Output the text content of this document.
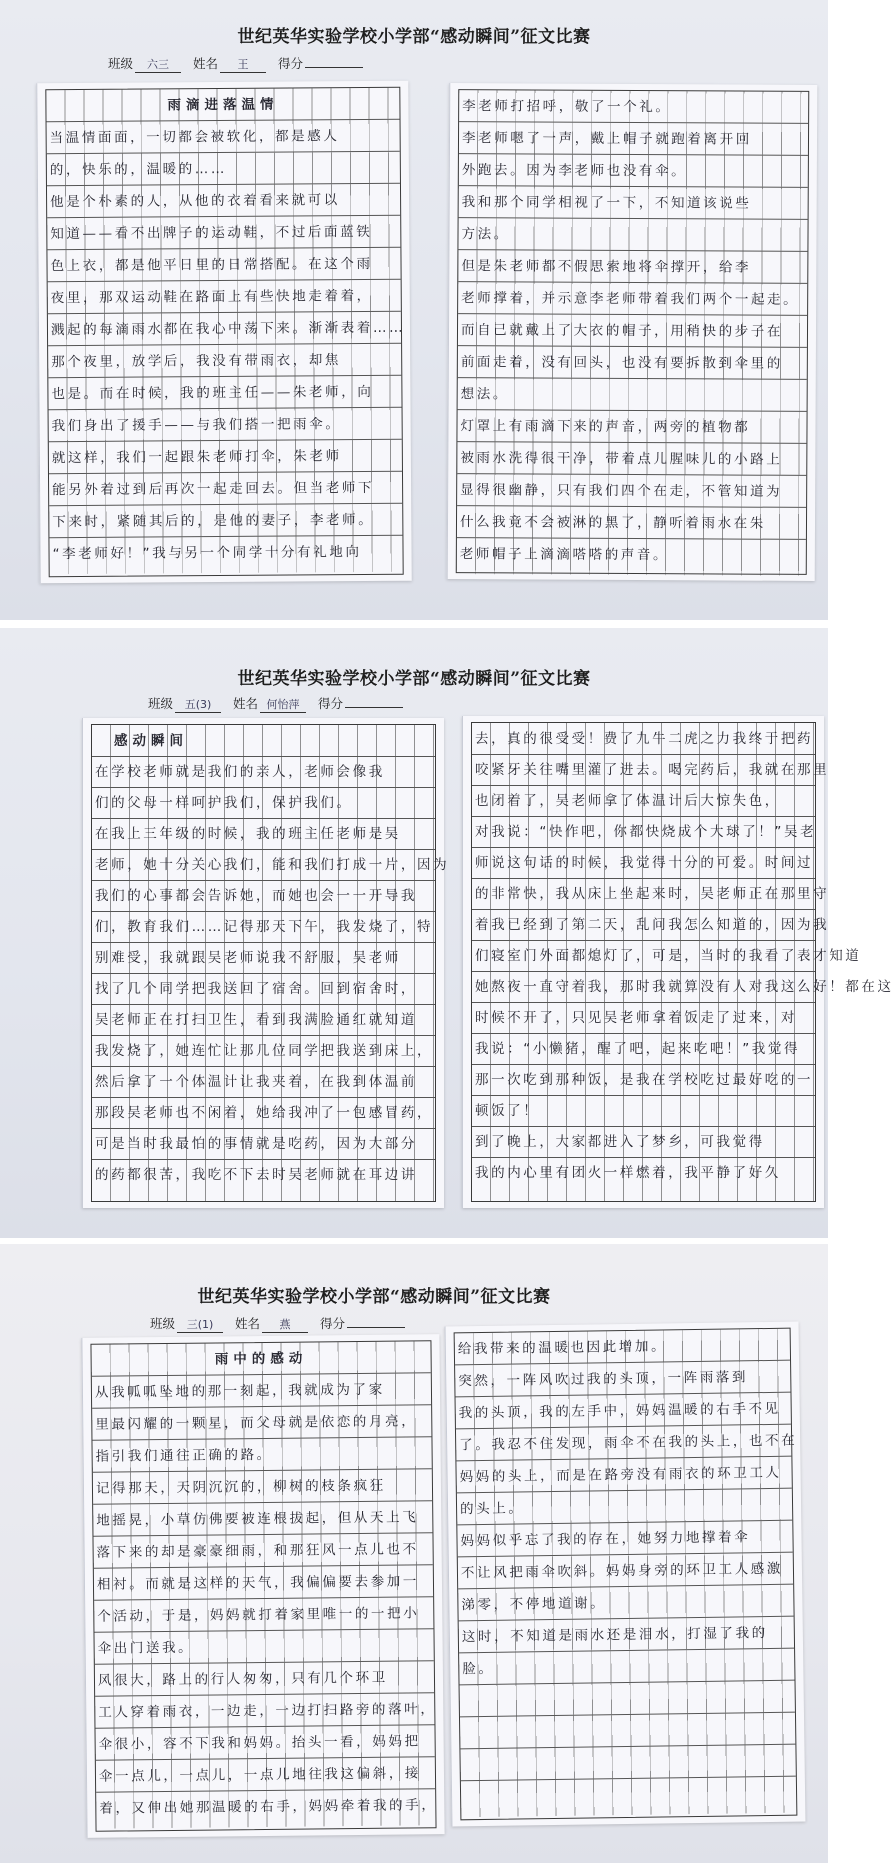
世纪英华实验学校小学部“感动瞬间”征文比赛
班级 六三 姓名 王 得分
雨滴进落温情
当温情面面，一切都会被软化，都是感人
的，快乐的，温暖的……
他是个朴素的人，从他的衣着看来就可以
知道——看不出牌子的运动鞋，不过后面蓝铁
色上衣，都是他平日里的日常搭配。在这个雨
夜里，那双运动鞋在路面上有些快地走着着，
溅起的每滴雨水都在我心中荡下来。渐渐表着……
那个夜里，放学后，我没有带雨衣，却焦
也是。而在时候，我的班主任——朱老师，向
我们身出了援手——与我们搭一把雨伞。
就这样，我们一起跟朱老师打伞，朱老师
能另外着过到后再次一起走回去。但当老师下
下来时，紧随其后的，是他的妻子，李老师。
“李老师好！”我与另一个同学十分有礼地向
李老师打招呼，敬了一个礼。
李老师嗯了一声，戴上帽子就跑着离开回
外跑去。因为李老师也没有伞。
我和那个同学相视了一下，不知道该说些
方法。
但是朱老师都不假思索地将伞撑开，给李
老师撑着，并示意李老师带着我们两个一起走。
而自己就戴上了大衣的帽子，用稍快的步子在
前面走着，没有回头，也没有要拆散到伞里的
想法。
灯罩上有雨滴下来的声音，两旁的植物都
被雨水洗得很干净，带着点儿腥味儿的小路上
显得很幽静，只有我们四个在走，不管知道为
什么我竟不会被淋的黑了，静听着雨水在朱
老师帽子上滴滴嗒嗒的声音。
世纪英华实验学校小学部“感动瞬间”征文比赛
班级 五(3) 姓名 何怡萍 得分
感动瞬间
在学校老师就是我们的亲人，老师会像我
们的父母一样呵护我们，保护我们。
在我上三年级的时候，我的班主任老师是吴
老师，她十分关心我们，能和我们打成一片，因为
我们的心事都会告诉她，而她也会一一开导我
们，教育我们……记得那天下午，我发烧了，特
别难受，我就跟吴老师说我不舒服，吴老师
找了几个同学把我送回了宿舍。回到宿舍时，
吴老师正在打扫卫生，看到我满脸通红就知道
我发烧了，她连忙让那几位同学把我送到床上，
然后拿了一个体温计让我夹着，在我到体温前
那段吴老师也不闲着，她给我冲了一包感冒药，
可是当时我最怕的事情就是吃药，因为大部分
的药都很苦，我吃不下去时吴老师就在耳边讲
去，真的很受受！费了九牛二虎之力我终于把药
咬紧牙关往嘴里灌了进去。喝完药后，我就在那里
也闭着了，吴老师拿了体温计后大惊失色，
对我说：“快作吧，你都快烧成个大球了！”吴老
师说这句话的时候，我觉得十分的可爱。时间过
的非常快，我从床上坐起来时，吴老师正在那里守
着我已经到了第二天，乱问我怎么知道的，因为我
们寝室门外面都熄灯了，可是，当时的我看了表才知道
她熬夜一直守着我，那时我就算没有人对我这么好！都在这
时候不开了，只见吴老师拿着饭走了过来，对
我说：“小懒猪，醒了吧，起来吃吧！”我觉得
那一次吃到那种饭，是我在学校吃过最好吃的一
顿饭了！
到了晚上，大家都进入了梦乡，可我觉得
我的内心里有团火一样燃着，我平静了好久
世纪英华实验学校小学部“感动瞬间”征文比赛
班级 三(1) 姓名 燕 得分
雨中的感动
从我呱呱坠地的那一刻起，我就成为了家
里最闪耀的一颗星，而父母就是依恋的月亮，
指引我们通往正确的路。
记得那天，天阴沉沉的，柳树的枝条疯狂
地摇晃，小草仿佛要被连根拔起，但从天上飞
落下来的却是豪豪细雨，和那狂风一点儿也不
相衬。而就是这样的天气，我偏偏要去参加一
个活动，于是，妈妈就打着家里唯一的一把小
伞出门送我。
风很大，路上的行人匆匆，只有几个环卫
工人穿着雨衣，一边走，一边打扫路旁的落叶，
伞很小，容不下我和妈妈。抬头一看，妈妈把
伞一点儿，一点儿，一点儿地往我这偏斜，接
着，又伸出她那温暖的右手，妈妈牵着我的手，
给我带来的温暖也因此增加。
突然，一阵风吹过我的头顶，一阵雨落到
我的头顶，我的左手中，妈妈温暖的右手不见
了。我忍不住发现，雨伞不在我的头上，也不在
妈妈的头上，而是在路旁没有雨衣的环卫工人
的头上。
妈妈似乎忘了我的存在，她努力地撑着伞
不让风把雨伞吹斜。妈妈身旁的环卫工人感激
涕零，不停地道谢。
这时，不知道是雨水还是泪水，打湿了我的
脸。
